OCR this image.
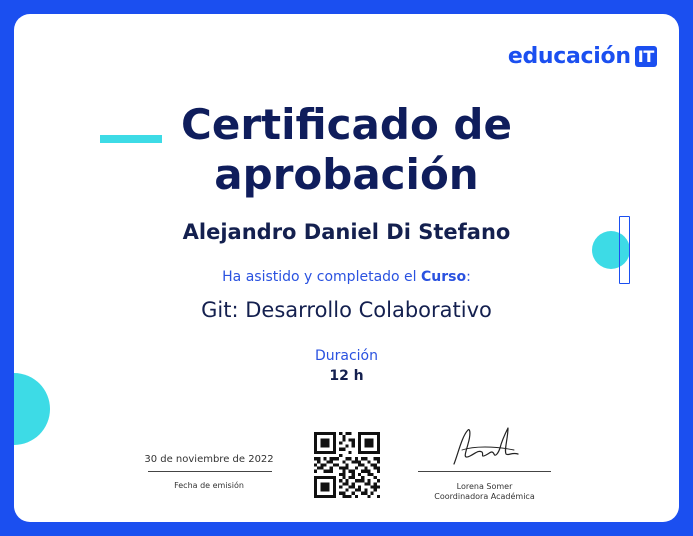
educación IT
Certificado de
aprobación
Alejandro Daniel Di Stefano
Ha asistido y completado el Curso:
Git: Desarrollo Colaborativo
Duración
12 h
30 de noviembre de 2022
Fecha de emisión	Lorena Somer
Coordinadora Académica
